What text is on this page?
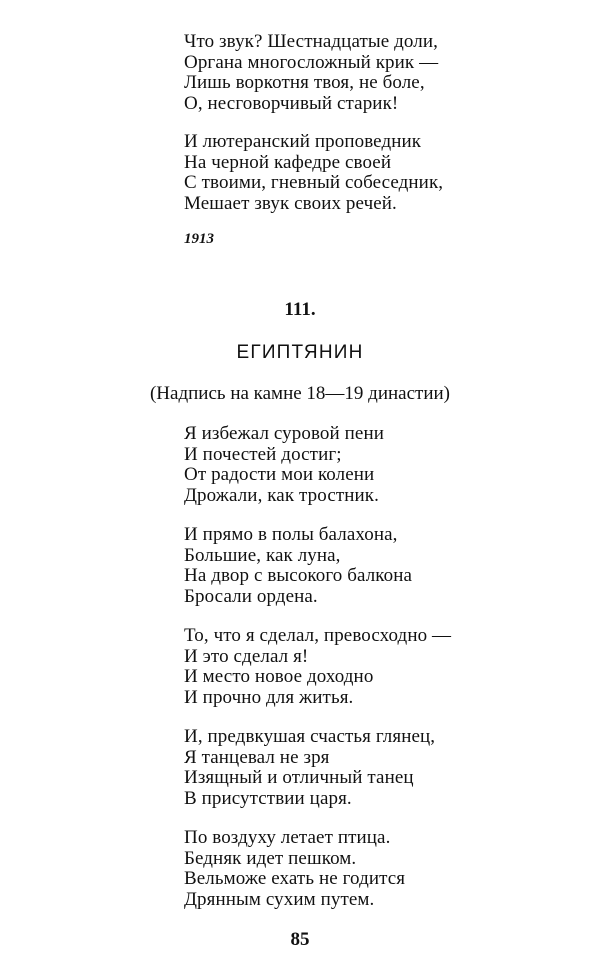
Что звук? Шестнадцатые доли,
Органа многосложный крик —
Лишь воркотня твоя, не боле,
О, несговорчивый старик!
И лютеранский проповедник
На черной кафедре своей
С твоими, гневный собеседник,
Мешает звук своих речей.
1913
111.
ЕГИПТЯНИН
(Надпись на камне 18—19 династии)
Я избежал суровой пени
И почестей достиг;
От радости мои колени
Дрожали, как тростник.
И прямо в полы балахона,
Большие, как луна,
На двор с высокого балкона
Бросали ордена.
То, что я сделал, превосходно —
И это сделал я!
И место новое доходно
И прочно для житья.
И, предвкушая счастья глянец,
Я танцевал не зря
Изящный и отличный танец
В присутствии царя.
По воздуху летает птица.
Бедняк идет пешком.
Вельможе ехать не годится
Дрянным сухим путем.
85
